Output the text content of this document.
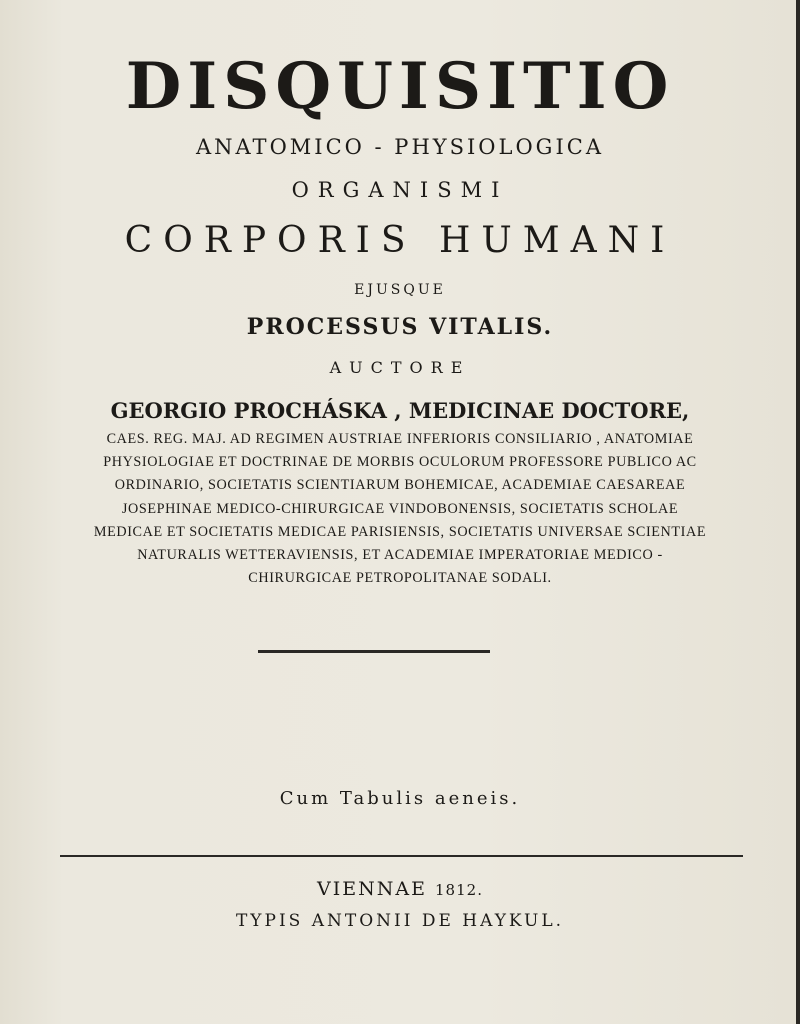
DISQUISITIO
ANATOMICO - PHYSIOLOGICA
ORGANISMI
CORPORIS HUMANI
EJUSQUE
PROCESSUS VITALIS.
AUCTORE
GEORGIO PROCHÁSKA , MEDICINAE DOCTORE,
CAES. REG. MAJ. AD REGIMEN AUSTRIAE INFERIORIS CONSILIARIO , ANATOMIAE PHYSIOLOGIAE ET DOCTRINAE DE MORBIS OCULORUM PROFESSORE PUBLICO AC ORDINARIO, SOCIETATIS SCIENTIARUM BOHEMICAE, ACADEMIAE CAESAREAE JOSEPHINAE MEDICO-CHIRURGICAE VINDOBONENSIS, SOCIETATIS SCHOLAE MEDICAE ET SOCIETATIS MEDICAE PARISIENSIS, SOCIETATIS UNIVERSAE SCIENTIAE NATURALIS WETTERAVIENSIS, ET ACADEMIAE IMPERATORIAE MEDICO - CHIRURGICAE PETROPOLITANAE SODALI.
Cum Tabulis aeneis.
VIENNAE 1812.
TYPIS ANTONII DE HAYKUL.
